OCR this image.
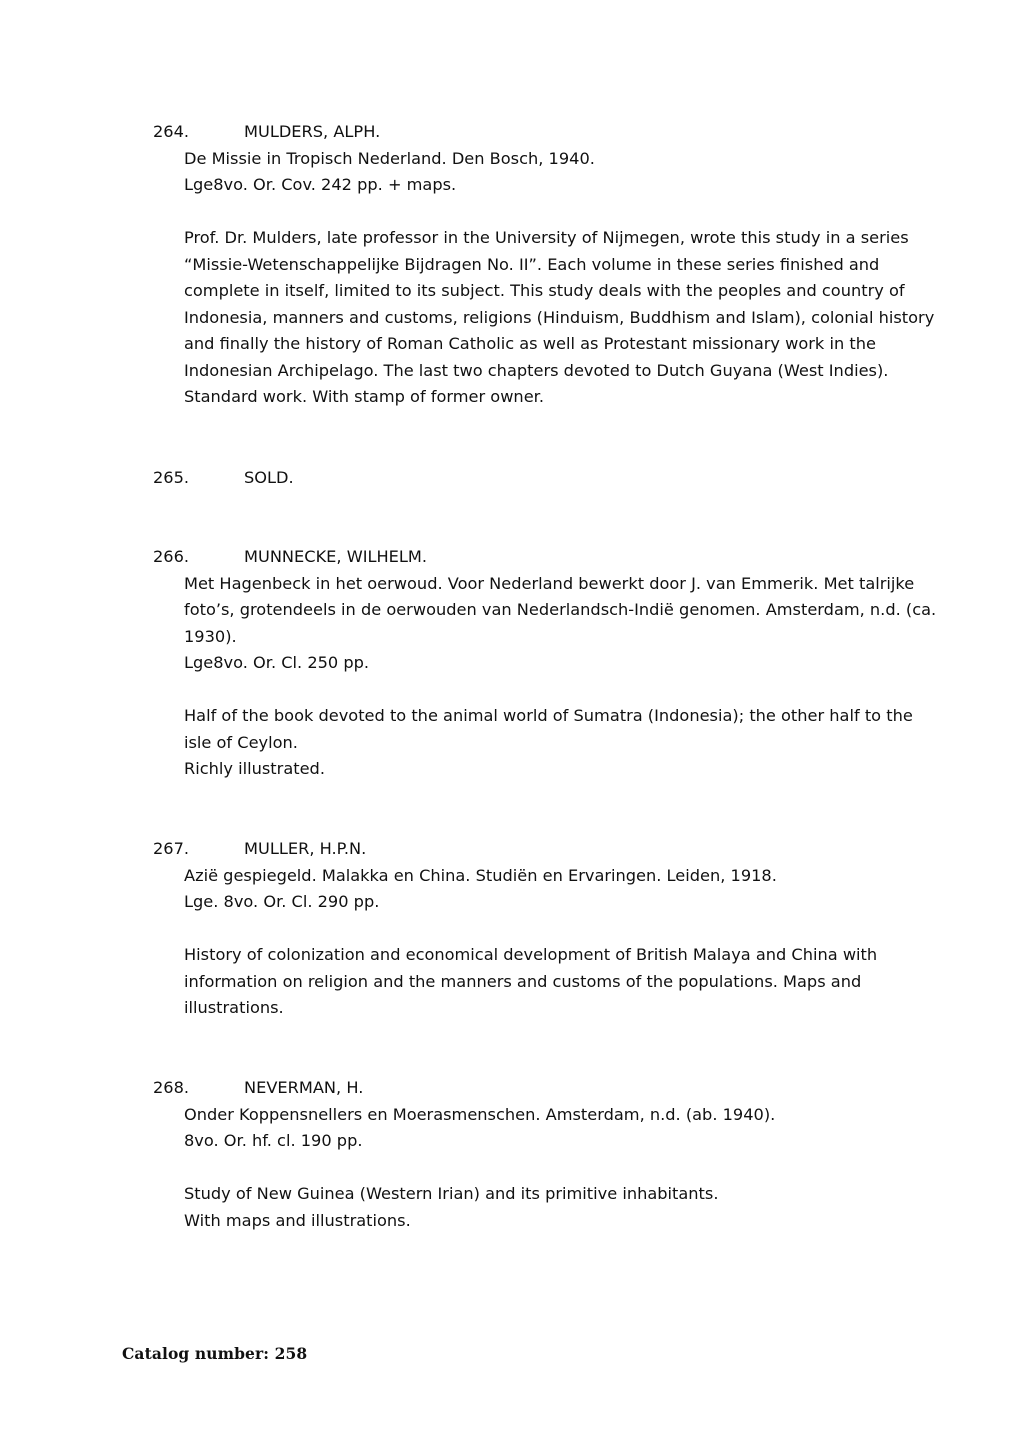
264.	MULDERS, ALPH.
De Missie in Tropisch Nederland. Den Bosch, 1940.
Lge8vo. Or. Cov. 242 pp. + maps.
Prof. Dr. Mulders, late professor in the University of Nijmegen, wrote this study in a series
“Missie-Wetenschappelijke Bijdragen No. II”. Each volume in these series finished and
complete in itself, limited to its subject. This study deals with the peoples and country of
Indonesia, manners and customs, religions (Hinduism, Buddhism and Islam), colonial history
and finally the history of Roman Catholic as well as Protestant missionary work in the
Indonesian Archipelago. The last two chapters devoted to Dutch Guyana (West Indies).
Standard work. With stamp of former owner.
265.	SOLD.
266.	MUNNECKE, WILHELM.
Met Hagenbeck in het oerwoud. Voor Nederland bewerkt door J. van Emmerik. Met talrijke
foto’s, grotendeels in de oerwouden van Nederlandsch-Indië genomen. Amsterdam, n.d. (ca.
1930).
Lge8vo. Or. Cl. 250 pp.
Half of the book devoted to the animal world of Sumatra (Indonesia); the other half to the
isle of Ceylon.
Richly illustrated.
267.	MULLER, H.P.N.
Azië gespiegeld. Malakka en China. Studiën en Ervaringen. Leiden, 1918.
Lge. 8vo. Or. Cl. 290 pp.
History of colonization and economical development of British Malaya and China with
information on religion and the manners and customs of the populations. Maps and
illustrations.
268.	NEVERMAN, H.
Onder Koppensnellers en Moerasmenschen. Amsterdam, n.d. (ab. 1940).
8vo. Or. hf. cl. 190 pp.
Study of New Guinea (Western Irian) and its primitive inhabitants.
With maps and illustrations.
Catalog number: 258
